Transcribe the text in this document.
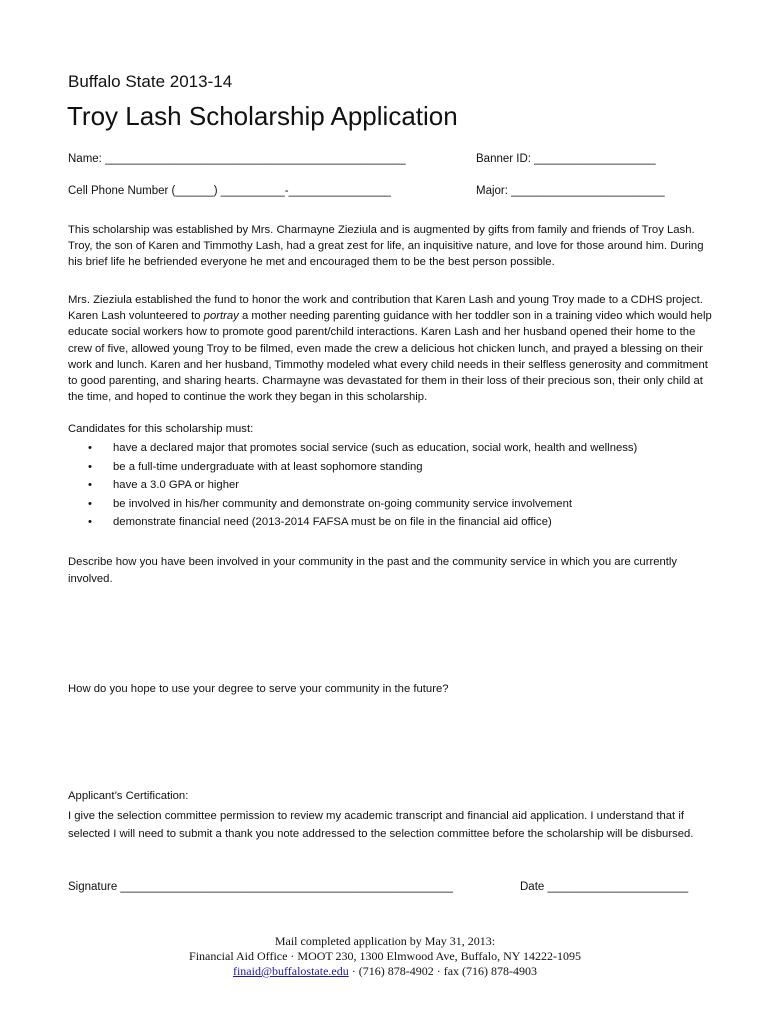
Buffalo State 2013-14
Troy Lash Scholarship Application
Name: _______________________________________________	Banner ID: ___________________
Cell Phone Number (______) __________-________________	Major: ________________________

This scholarship was established by Mrs. Charmayne Zieziula and is augmented by gifts from family and friends of Troy Lash. Troy, the son of Karen and Timmothy Lash, had a great zest for life, an inquisitive nature, and love for those around him. During his brief life he befriended everyone he met and encouraged them to be the best person possible.

Mrs. Zieziula established the fund to honor the work and contribution that Karen Lash and young Troy made to a CDHS project. Karen Lash volunteered to portray a mother needing parenting guidance with her toddler son in a training video which would help educate social workers how to promote good parent/child interactions. Karen Lash and her husband opened their home to the crew of five, allowed young Troy to be filmed, even made the crew a delicious hot chicken lunch, and prayed a blessing on their work and lunch. Karen and her husband, Timmothy modeled what every child needs in their selfless generosity and commitment to good parenting, and sharing hearts. Charmayne was devastated for them in their loss of their precious son, their only child at the time, and hoped to continue the work they began in this scholarship.

Candidates for this scholarship must:
• have a declared major that promotes social service (such as education, social work, health and wellness)
• be a full-time undergraduate with at least sophomore standing
• have a 3.0 GPA or higher
• be involved in his/her community and demonstrate on-going community service involvement
• demonstrate financial need (2013-2014 FAFSA must be on file in the financial aid office)

Describe how you have been involved in your community in the past and the community service in which you are currently involved.

How do you hope to use your degree to serve your community in the future?

Applicant’s Certification:

I give the selection committee permission to review my academic transcript and financial aid application. I understand that if selected I will need to submit a thank you note addressed to the selection committee before the scholarship will be disbursed.

Signature ____________________________________________________	Date ______________________
Mail completed application by May 31, 2013:
Financial Aid Office · MOOT 230, 1300 Elmwood Ave, Buffalo, NY 14222-1095
finaid@buffalostate.edu · (716) 878-4902 · fax (716) 878-4903
